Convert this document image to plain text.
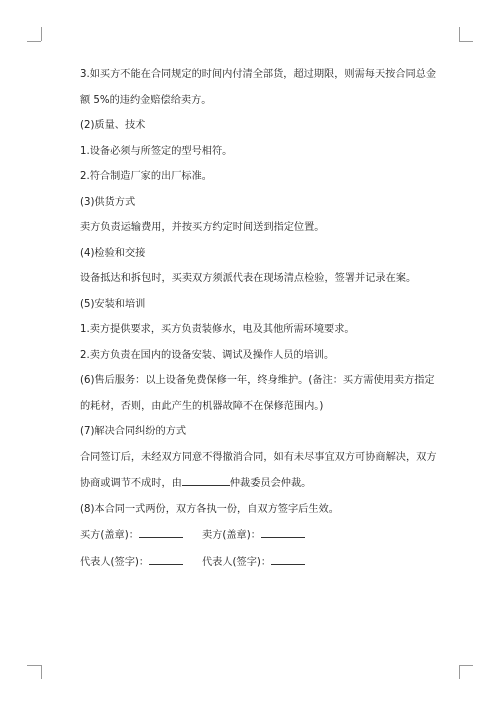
3.如买方不能在合同规定的时间内付清全部货，超过期限，则需每天按合同总金

额 5%的违约金赔偿给卖方。

(2)质量、技术

1.设备必须与所签定的型号相符。

2.符合制造厂家的出厂标准。

(3)供货方式

卖方负责运输费用，并按买方约定时间送到指定位置。

(4)检验和交接

设备抵达和拆包时，买卖双方须派代表在现场清点检验，签署并记录在案。

(5)安装和培训

1.卖方提供要求，买方负责装修水，电及其他所需环境要求。

2.卖方负责在国内的设备安装、调试及操作人员的培训。

(6)售后服务：以上设备免费保修一年，终身维护。(备注：买方需使用卖方指定

的耗材，否则，由此产生的机器故障不在保修范围内。)

(7)解决合同纠纷的方式

合同签订后，未经双方同意不得撤消合同，如有未尽事宜双方可协商解决，双方

协商或调节不成时，由	仲裁委员会仲裁。

(8)本合同一式两份，双方各执一份，自双方签字后生效。

买方(盖章)：	卖方(盖章)：
代表人(签字)：	代表人(签字)：
